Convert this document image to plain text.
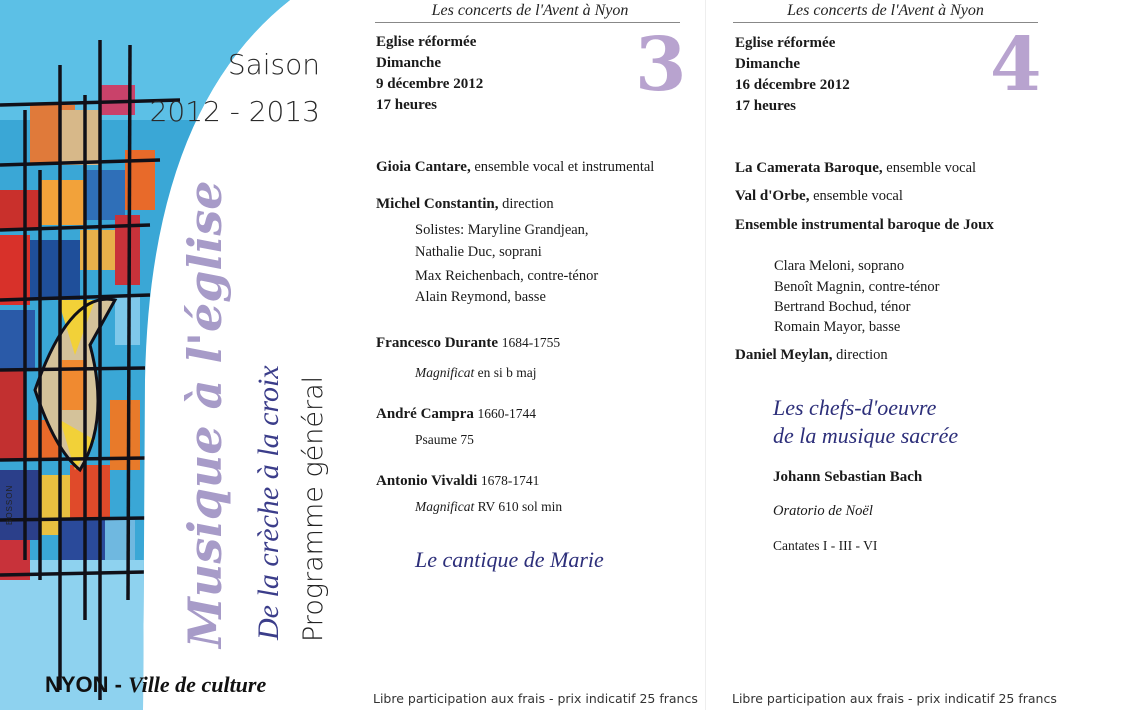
Saison
2012 - 2013
Musique à l'église De la crèche à la croix Programme général
BOSSON
NYON - Ville de culture
Les concerts de l'Avent à Nyon
Eglise réformée
Dimanche
9 décembre 2012
17 heures	3
Gioia Cantare, ensemble vocal et instrumental
Michel Constantin, direction
Solistes: Maryline Grandjean,
Nathalie Duc, soprani
Max Reichenbach, contre-ténor
Alain Reymond, basse
Francesco Durante 1684-1755
Magnificat en si b maj
André Campra 1660-1744
Psaume 75
Antonio Vivaldi 1678-1741
Magnificat RV 610 sol min
Le cantique de Marie
Libre participation aux frais - prix indicatif 25 francs
Les concerts de l'Avent à Nyon
Eglise réformée
Dimanche
16 décembre 2012
17 heures	4
La Camerata Baroque, ensemble vocal
Val d'Orbe, ensemble vocal
Ensemble instrumental baroque de Joux
Clara Meloni, soprano
Benoît Magnin, contre-ténor
Bertrand Bochud, ténor
Romain Mayor, basse
Daniel Meylan, direction
Les chefs-d'oeuvre
de la musique sacrée
Johann Sebastian Bach
Oratorio de Noël
Cantates I - III - VI
Libre participation aux frais - prix indicatif 25 francs
